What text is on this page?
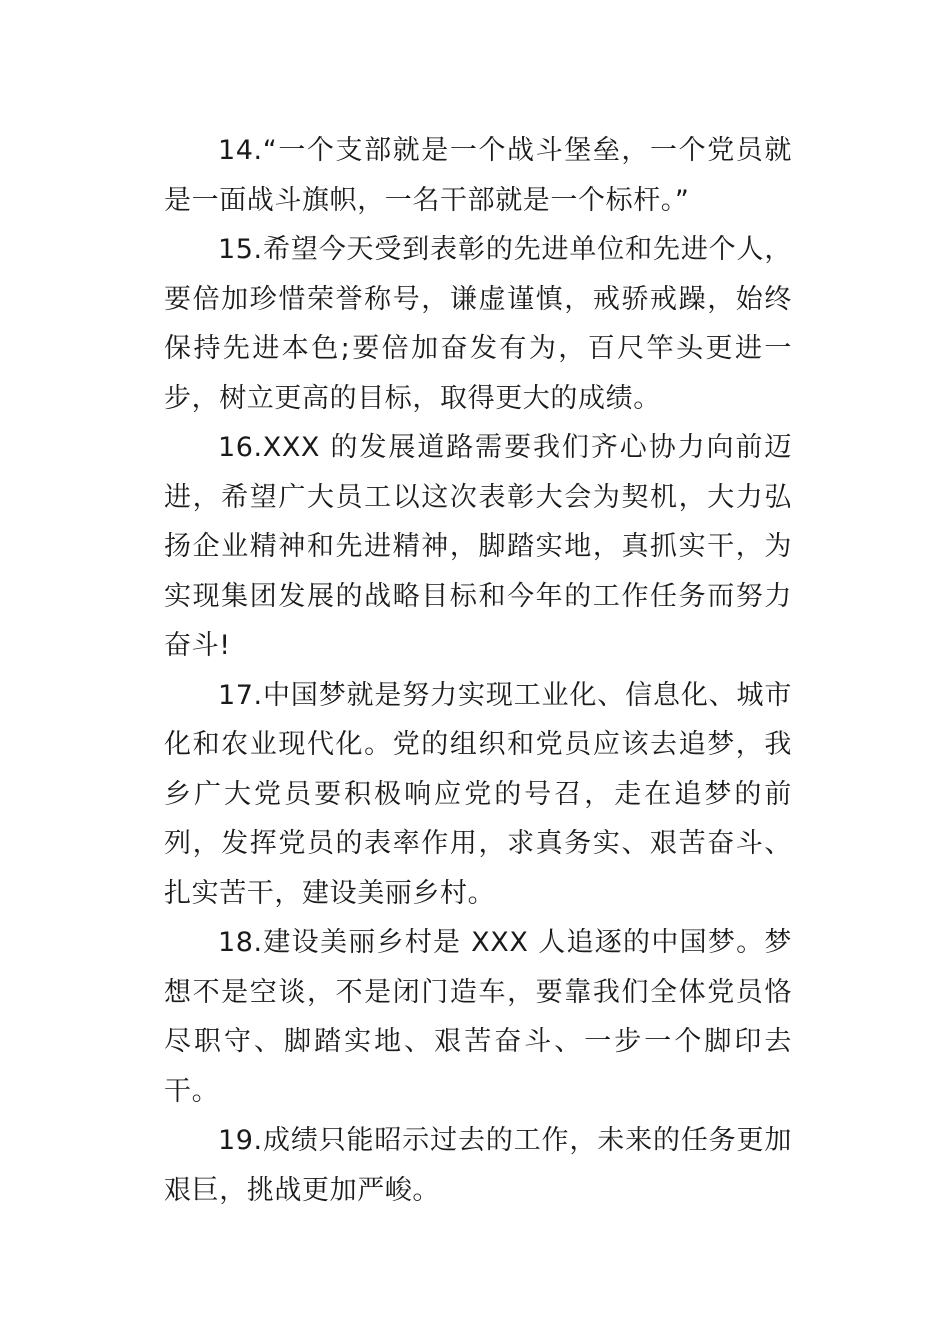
14.“一个支部就是一个战斗堡垒，一个党员就是一面战斗旗帜，一名干部就是一个标杆。”

15.希望今天受到表彰的先进单位和先进个人，要倍加珍惜荣誉称号，谦虚谨慎，戒骄戒躁，始终保持先进本色;要倍加奋发有为，百尺竿头更进一步，树立更高的目标，取得更大的成绩。

16.XXX 的发展道路需要我们齐心协力向前迈进，希望广大员工以这次表彰大会为契机，大力弘扬企业精神和先进精神，脚踏实地，真抓实干，为实现集团发展的战略目标和今年的工作任务而努力奋斗!

17.中国梦就是努力实现工业化、信息化、城市化和农业现代化。党的组织和党员应该去追梦，我乡广大党员要积极响应党的号召，走在追梦的前列，发挥党员的表率作用，求真务实、艰苦奋斗、扎实苦干，建设美丽乡村。

18.建设美丽乡村是 XXX 人追逐的中国梦。梦想不是空谈，不是闭门造车，要靠我们全体党员恪尽职守、脚踏实地、艰苦奋斗、一步一个脚印去干。

19.成绩只能昭示过去的工作，未来的任务更加艰巨，挑战更加严峻。
